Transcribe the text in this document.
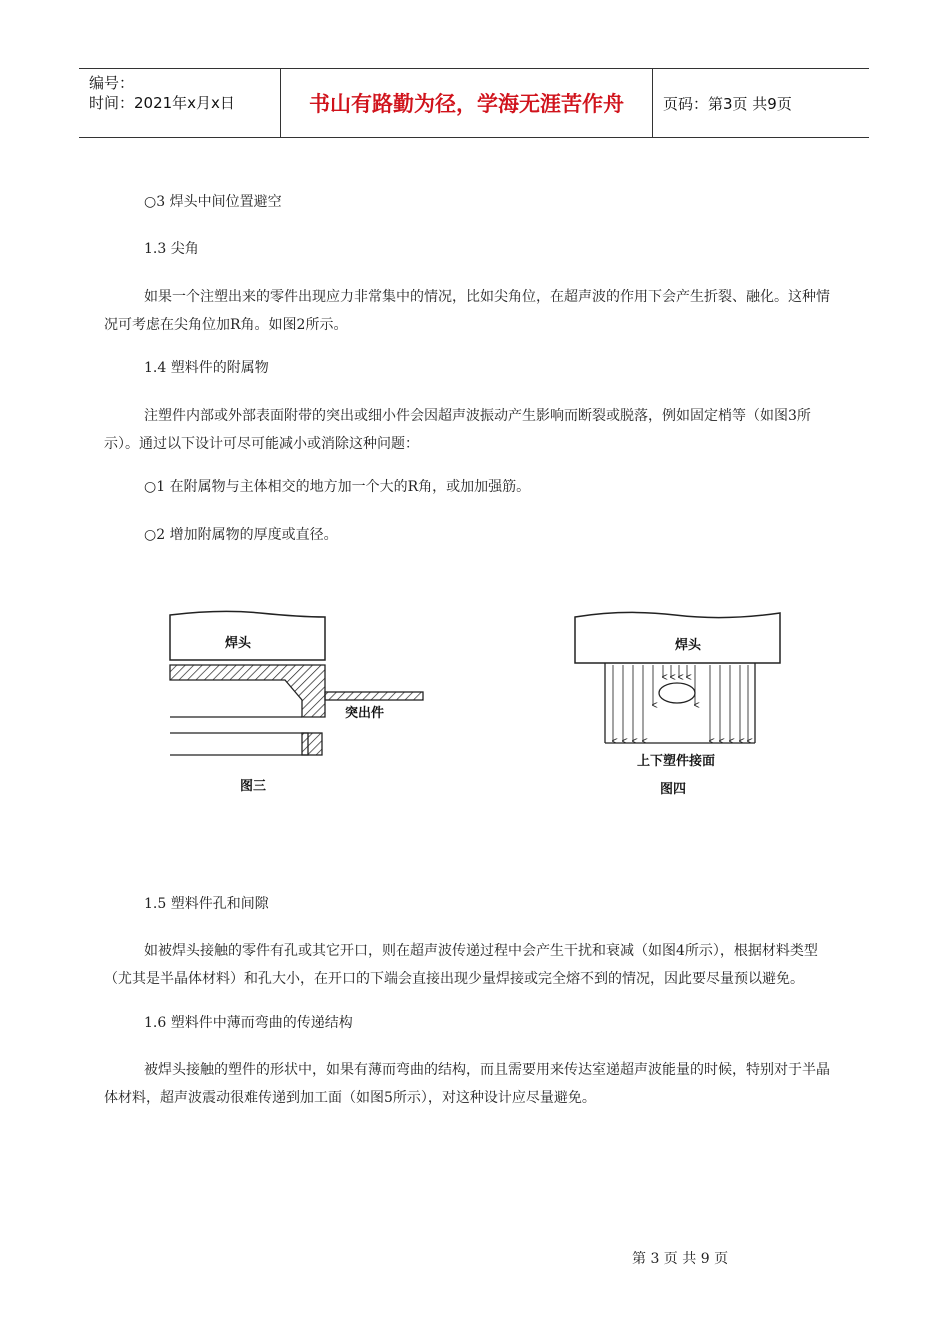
编号：
时间：2021年x月x日	书山有路勤为径，学海无涯苦作舟	页码：第3页 共9页
○3 焊头中间位置避空
1.3 尖角
如果一个注塑出来的零件出现应力非常集中的情况，比如尖角位，在超声波的作用下会产生折裂、融化。这种情况可考虑在尖角位加R角。如图2所示。
1.4 塑料件的附属物
注塑件内部或外部表面附带的突出或细小件会因超声波振动产生影响而断裂或脱落，例如固定梢等（如图3所示）。通过以下设计可尽可能减小或消除这种问题：
○1 在附属物与主体相交的地方加一个大的R角，或加加强筋。
○2 增加附属物的厚度或直径。
焊头
突出件
图三
焊头
上下塑件接面
图四
1.5 塑料件孔和间隙
如被焊头接触的零件有孔或其它开口，则在超声波传递过程中会产生干扰和衰减（如图4所示），根据材料类型（尤其是半晶体材料）和孔大小，在开口的下端会直接出现少量焊接或完全熔不到的情况，因此要尽量预以避免。
1.6 塑料件中薄而弯曲的传递结构
被焊头接触的塑件的形状中，如果有薄而弯曲的结构，而且需要用来传达室递超声波能量的时候，特别对于半晶体材料，超声波震动很难传递到加工面（如图5所示），对这种设计应尽量避免。
第 3 页 共 9 页
